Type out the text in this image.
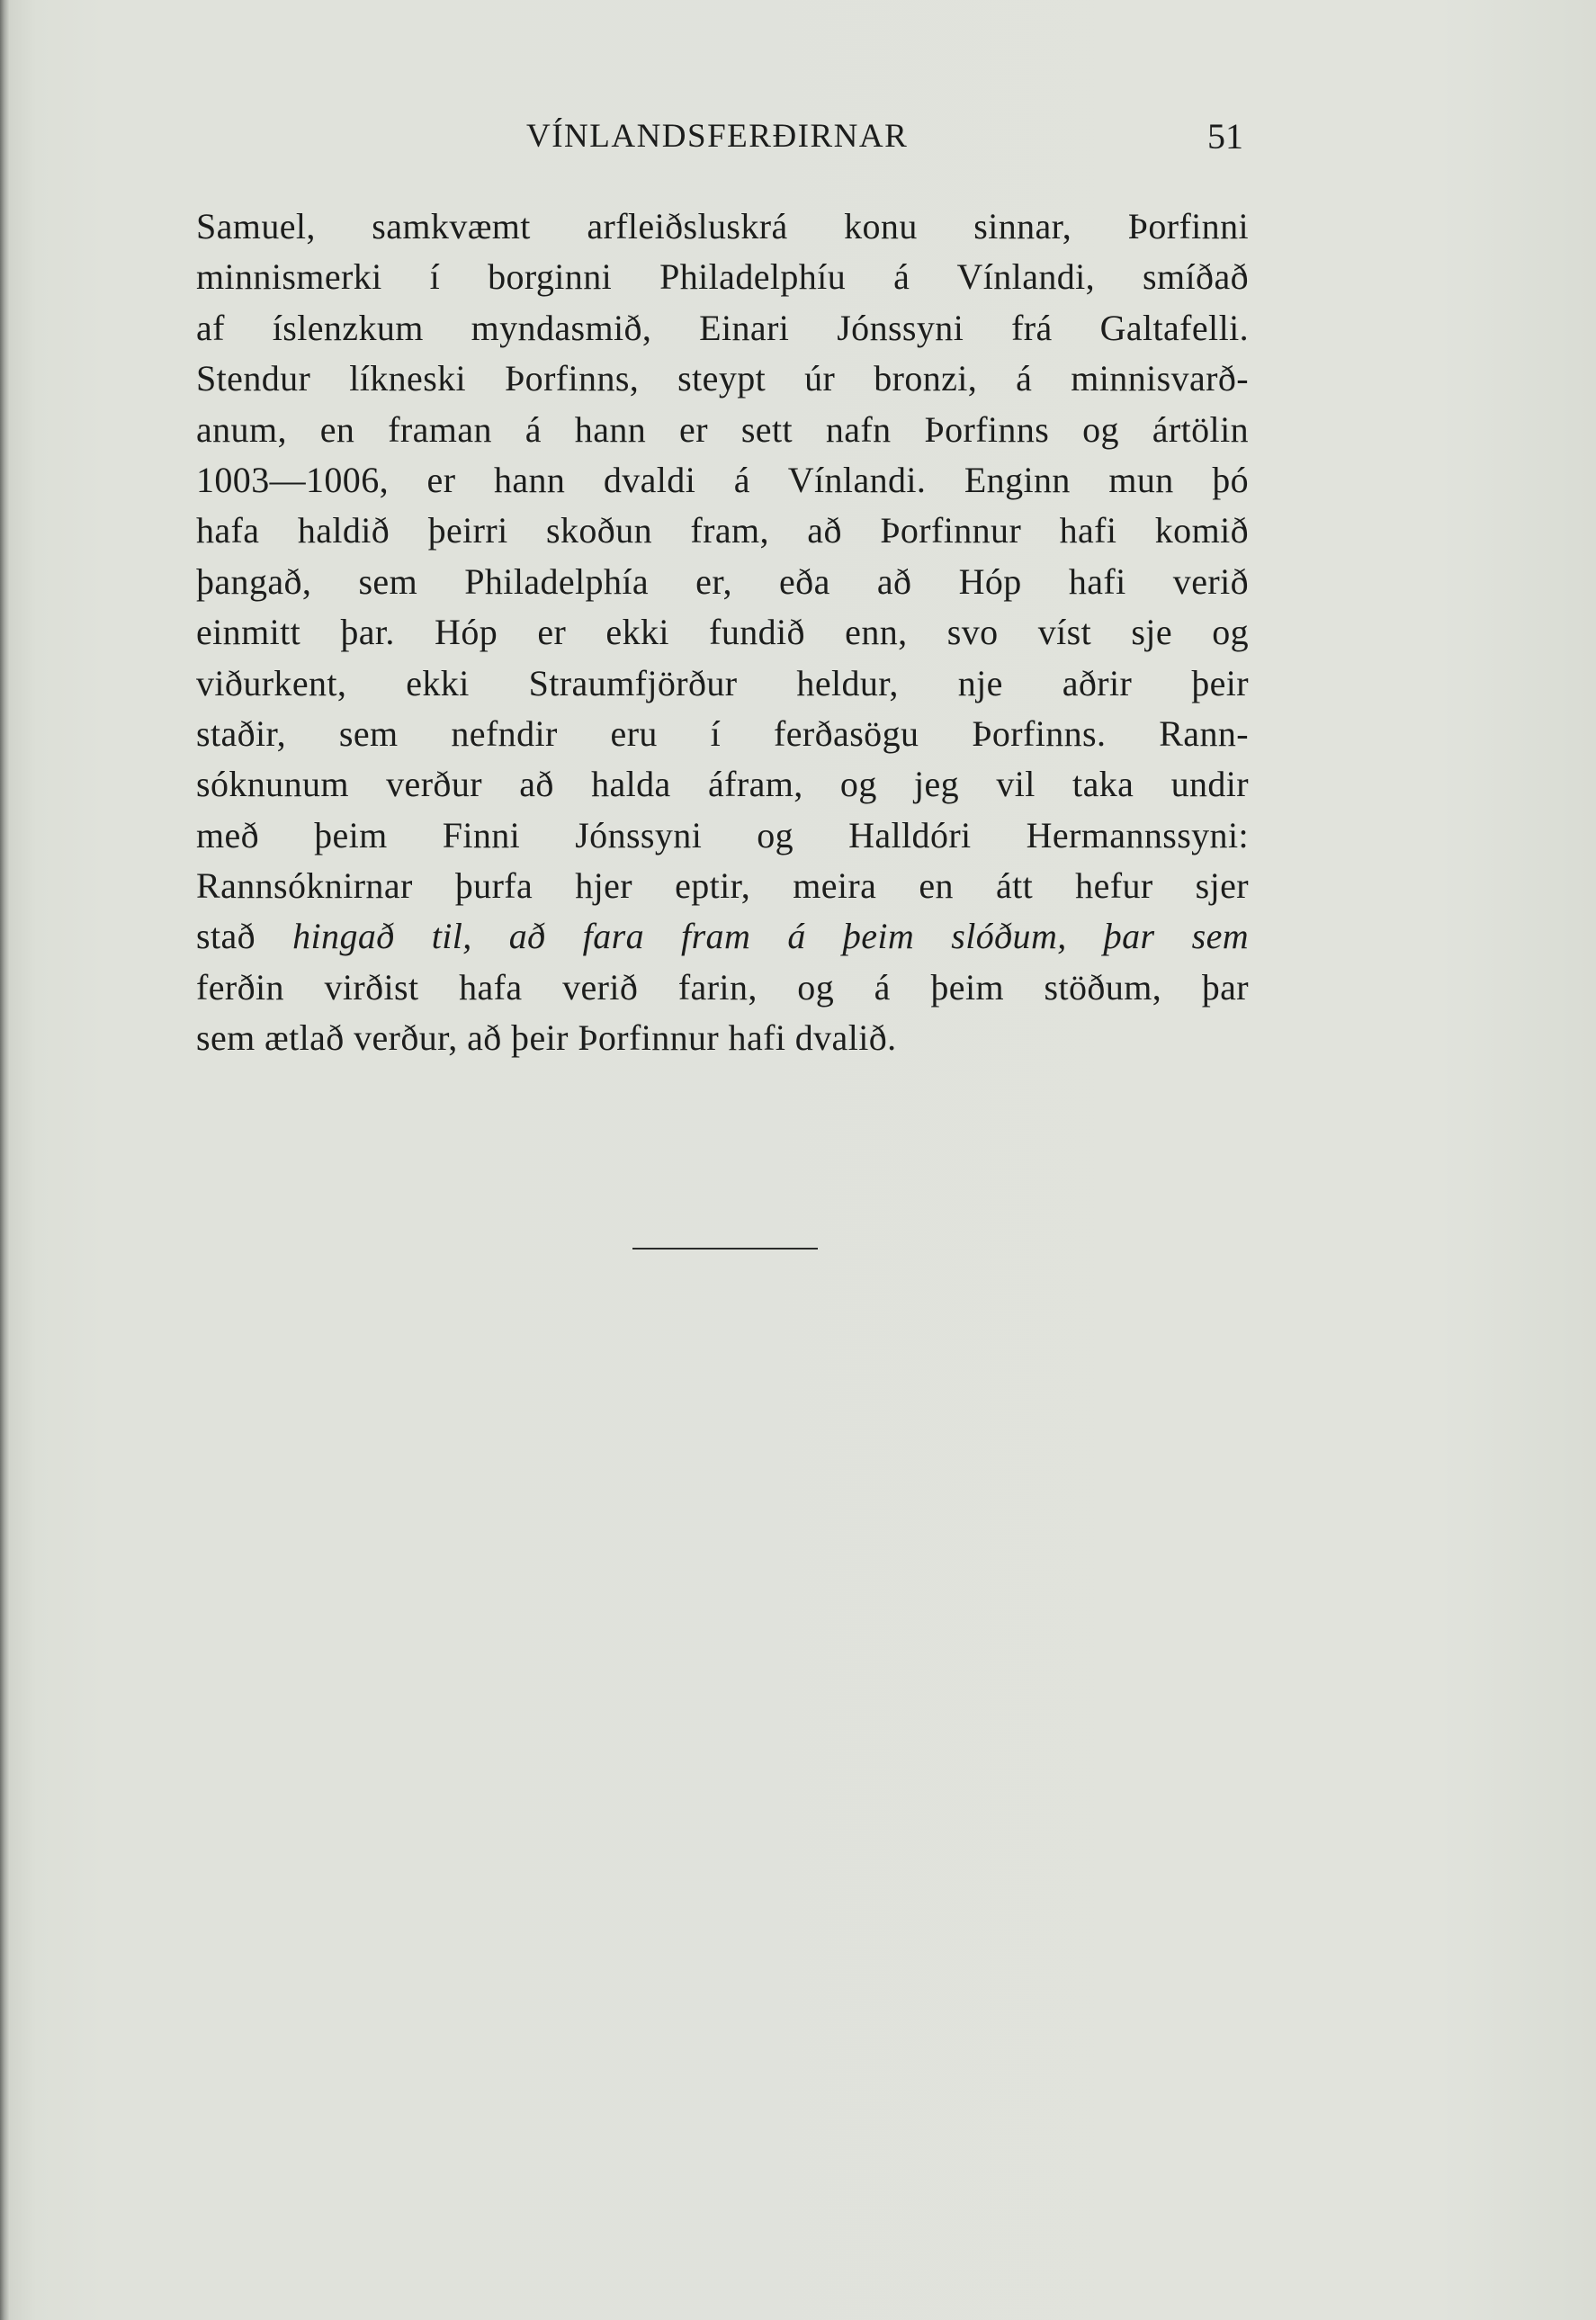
VÍNLANDSFERÐIRNAR	51
Samuel, samkvæmt arfleiðsluskrá konu sinnar, Þorfinni
minnismerki í borginni Philadelphíu á Vínlandi, smíðað
af íslenzkum myndasmið, Einari Jónssyni frá Galtafelli.
Stendur líkneski Þorfinns, steypt úr bronzi, á minnisvarð-
anum, en framan á hann er sett nafn Þorfinns og ártölin
1003—1006, er hann dvaldi á Vínlandi. Enginn mun þó
hafa haldið þeirri skoðun fram, að Þorfinnur hafi komið
þangað, sem Philadelphía er, eða að Hóp hafi verið
einmitt þar. Hóp er ekki fundið enn, svo víst sje og
viðurkent, ekki Straumfjörður heldur, nje aðrir þeir
staðir, sem nefndir eru í ferðasögu Þorfinns. Rann-
sóknunum verður að halda áfram, og jeg vil taka undir
með þeim Finni Jónssyni og Halldóri Hermannssyni:
Rannsóknirnar þurfa hjer eptir, meira en átt hefur sjer
stað hingað til, að fara fram á þeim slóðum, þar sem
ferðin virðist hafa verið farin, og á þeim stöðum, þar
sem ætlað verður, að þeir Þorfinnur hafi dvalið.
